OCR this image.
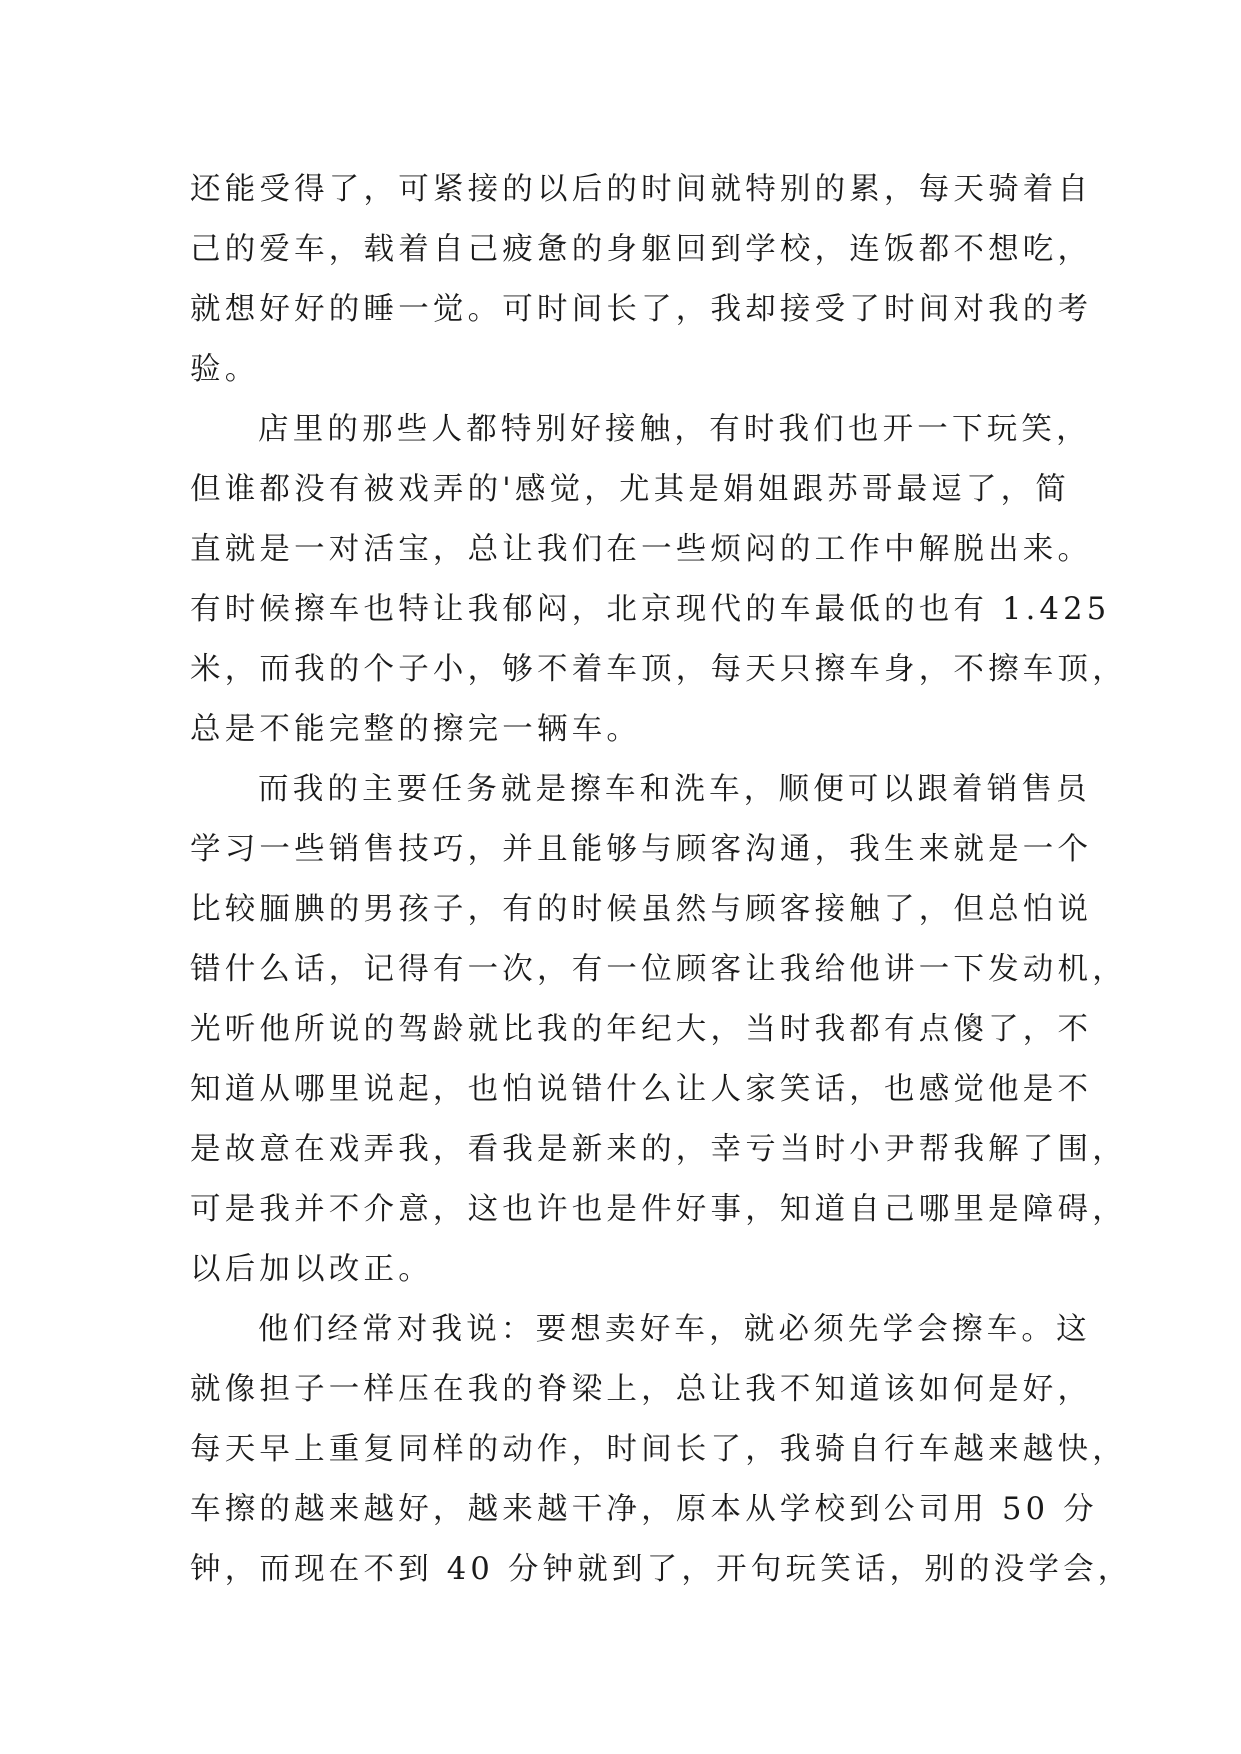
还能受得了，可紧接的以后的时间就特别的累，每天骑着自
己的爱车，载着自己疲惫的身躯回到学校，连饭都不想吃，
就想好好的睡一觉。可时间长了，我却接受了时间对我的考
验。
店里的那些人都特别好接触，有时我们也开一下玩笑，
但谁都没有被戏弄的'感觉，尤其是娟姐跟苏哥最逗了，简
直就是一对活宝，总让我们在一些烦闷的工作中解脱出来。
有时候擦车也特让我郁闷，北京现代的车最低的也有 1.425
米，而我的个子小，够不着车顶，每天只擦车身，不擦车顶，
总是不能完整的擦完一辆车。
而我的主要任务就是擦车和洗车，顺便可以跟着销售员
学习一些销售技巧，并且能够与顾客沟通，我生来就是一个
比较腼腆的男孩子，有的时候虽然与顾客接触了，但总怕说
错什么话，记得有一次，有一位顾客让我给他讲一下发动机，
光听他所说的驾龄就比我的年纪大，当时我都有点傻了，不
知道从哪里说起，也怕说错什么让人家笑话，也感觉他是不
是故意在戏弄我，看我是新来的，幸亏当时小尹帮我解了围，
可是我并不介意，这也许也是件好事，知道自己哪里是障碍，
以后加以改正。
他们经常对我说：要想卖好车，就必须先学会擦车。这
就像担子一样压在我的脊梁上，总让我不知道该如何是好，
每天早上重复同样的动作，时间长了，我骑自行车越来越快，
车擦的越来越好，越来越干净，原本从学校到公司用 50 分
钟，而现在不到 40 分钟就到了，开句玩笑话，别的没学会，
